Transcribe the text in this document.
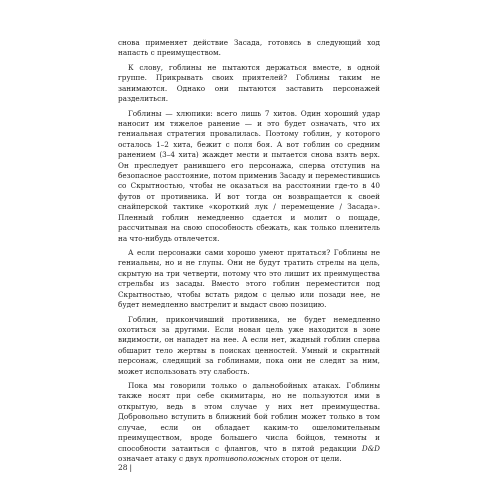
снова применяет действие Засада, готовясь в следующий ход напасть с преимуществом.

К слову, гоблины не пытаются держаться вместе, в одной группе. Прикрывать своих приятелей? Гоблины таким не занимаются. Однако они пытаются заставить персонажей разделиться.

Гоблины — хлюпики: всего лишь 7 хитов. Один хороший удар наносит им тяжелое ранение — и это будет означать, что их гениальная стратегия провалилась. Поэтому гоблин, у которого осталось 1–2 хита, бежит с поля боя. А вот гоблин со средним ранением (3–4 хита) жаждет мести и пытается снова взять верх. Он преследует ранившего его персонажа, сперва отступив на безопасное расстояние, потом применив Засаду и переместившись со Скрытностью, чтобы не оказаться на расстоянии где-то в 40 футов от противника. И вот тогда он возвращается к своей снайперской тактике «короткий лук / перемещение / Засада». Пленный гоблин немедленно сдается и молит о пощаде, рассчитывая на свою способность сбежать, как только пленитель на что-нибудь отвлечется.

А если персонажи сами хорошо умеют прятаться? Гоблины не гениальны, но и не глупы. Они не будут тратить стрелы на цель, скрытую на три четверти, потому что это лишит их преимущества стрельбы из засады. Вместо этого гоблин переместится под Скрытностью, чтобы встать рядом с целью или позади нее, не будет немедленно выстрелит и выдаст свою позицию.

Гоблин, прикончивший противника, не будет немедленно охотиться за другими. Если новая цель уже находится в зоне видимости, он нападет на нее. А если нет, жадный гоблин сперва обшарит тело жертвы в поисках ценностей. Умный и скрытный персонаж, следящий за гоблинами, пока они не следят за ним, может использовать эту слабость.

Пока мы говорили только о дальнобойных атаках. Гоблины также носят при себе скимитары, но не пользуются ими в открытую, ведь в этом случае у них нет преимущества. Добровольно вступить в ближний бой гоблин может только в том случае, если он обладает каким-то ошеломительным преимуществом, вроде большего числа бойцов, темноты и способности затаиться с флангов, что в пятой редакции D&D означает атаку с двух противоположных сторон от цели.

28 |
